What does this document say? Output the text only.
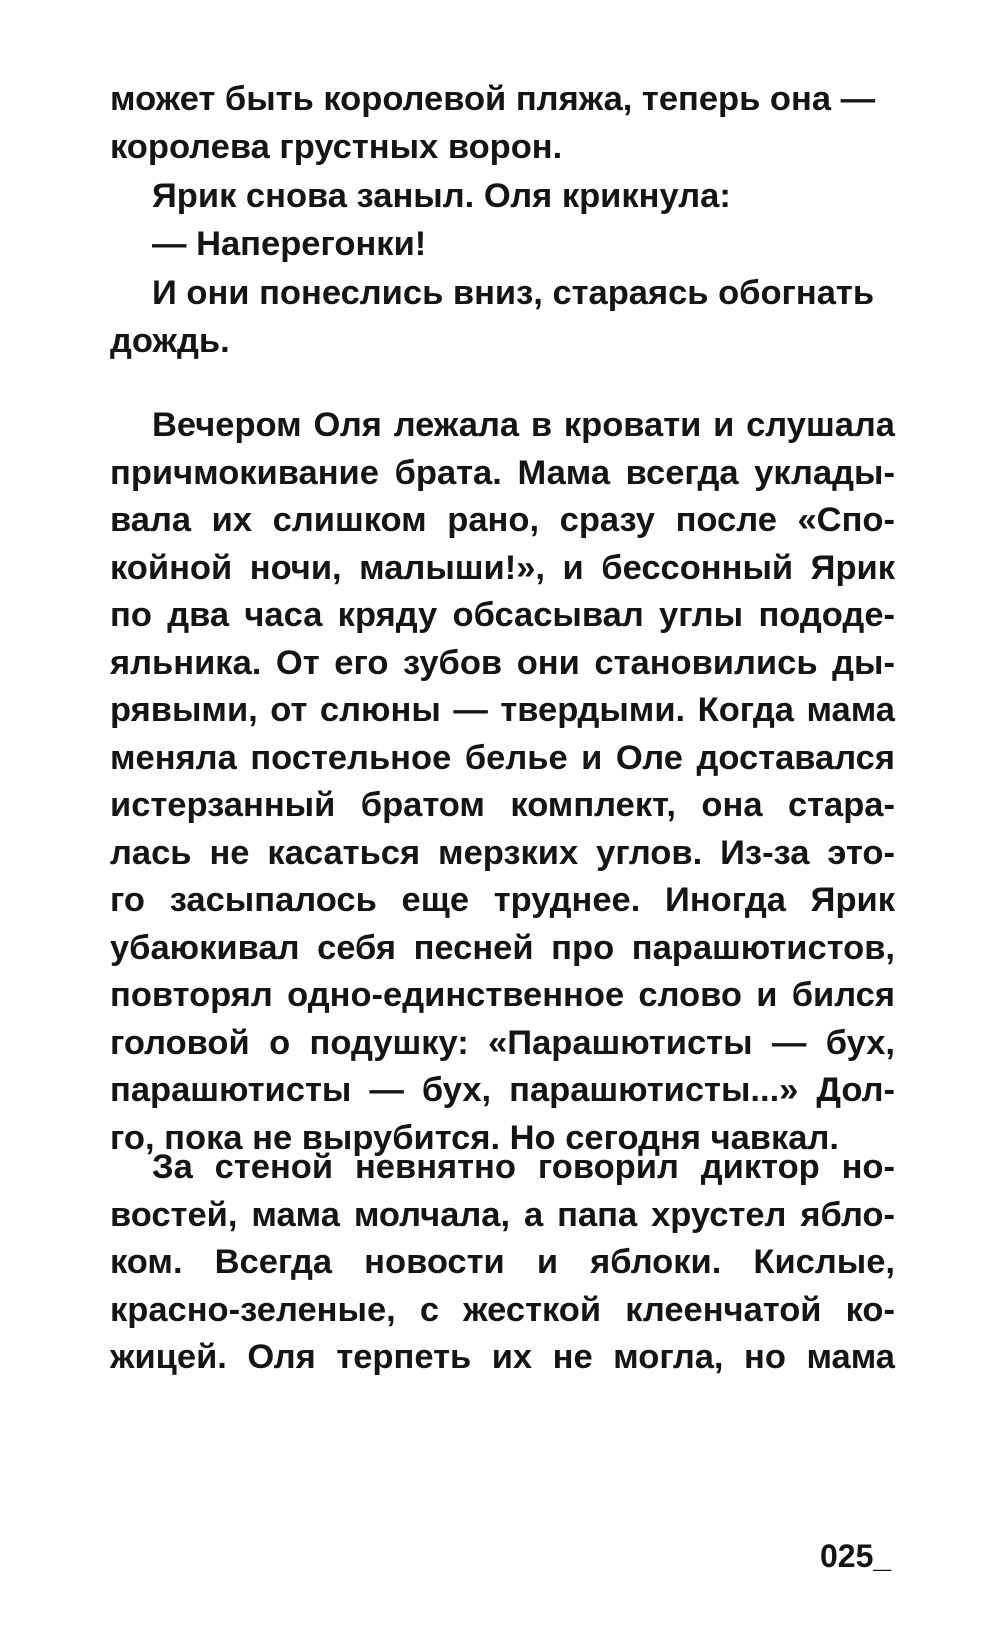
может быть королевой пляжа, теперь она —
королева грустных ворон.
Ярик снова заныл. Оля крикнула:
— Наперегонки!
И они понеслись вниз, стараясь обогнать
дождь.
Вечером Оля лежала в кровати и слушала
причмокивание брата. Мама всегда уклады-
вала их слишком рано, сразу после «Спо-
койной ночи, малыши!», и бессонный Ярик
по два часа кряду обсасывал углы пододе-
яльника. От его зубов они становились ды-
рявыми, от слюны — твердыми. Когда мама
меняла постельное белье и Оле доставался
истерзанный братом комплект, она стара-
лась не касаться мерзких углов. Из-за это-
го засыпалось еще труднее. Иногда Ярик
убаюкивал себя песней про парашютистов,
повторял одно-единственное слово и бился
головой о подушку: «Парашютисты — бух,
парашютисты — бух, парашютисты...» Дол-
го, пока не вырубится. Но сегодня чавкал.
За стеной невнятно говорил диктор но-
востей, мама молчала, а папа хрустел ябло-
ком. Всегда новости и яблоки. Кислые,
красно-зеленые, с жесткой клеенчатой ко-
жицей. Оля терпеть их не могла, но мама
025_
